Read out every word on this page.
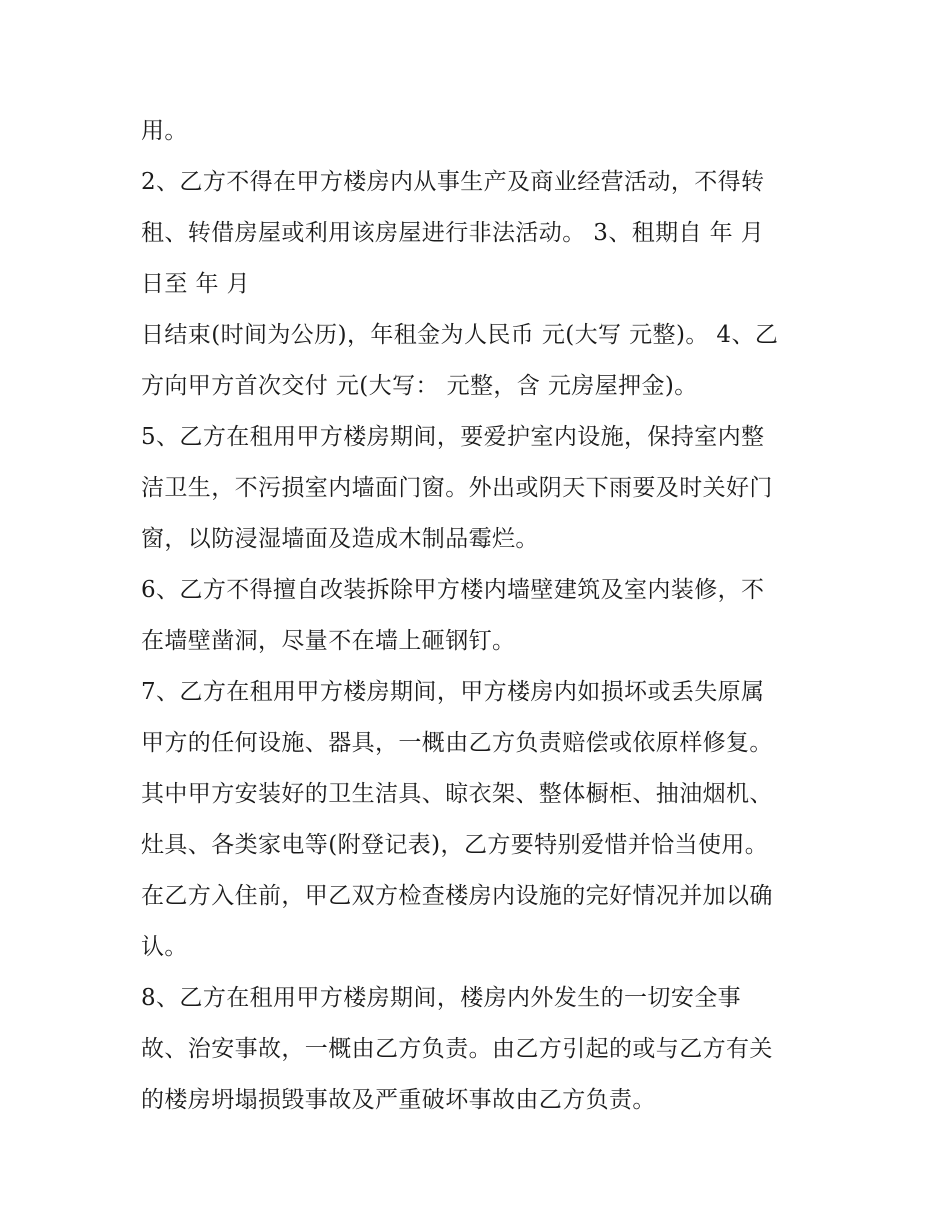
用。
2、乙方不得在甲方楼房内从事生产及商业经营活动，不得转
租、转借房屋或利用该房屋进行非法活动。 3、租期自 年 月
日至 年 月
日结束(时间为公历)，年租金为人民币 元(大写 元整)。 4、乙
方向甲方首次交付 元(大写： 元整，含 元房屋押金)。
5、乙方在租用甲方楼房期间，要爱护室内设施，保持室内整
洁卫生，不污损室内墙面门窗。外出或阴天下雨要及时关好门
窗，以防浸湿墙面及造成木制品霉烂。
6、乙方不得擅自改装拆除甲方楼内墙壁建筑及室内装修，不
在墙壁凿洞，尽量不在墙上砸钢钉。
7、乙方在租用甲方楼房期间，甲方楼房内如损坏或丢失原属
甲方的任何设施、器具，一概由乙方负责赔偿或依原样修复。
其中甲方安装好的卫生洁具、晾衣架、整体橱柜、抽油烟机、
灶具、各类家电等(附登记表)，乙方要特别爱惜并恰当使用。
在乙方入住前，甲乙双方检查楼房内设施的完好情况并加以确
认。
8、乙方在租用甲方楼房期间，楼房内外发生的一切安全事
故、治安事故，一概由乙方负责。由乙方引起的或与乙方有关
的楼房坍塌损毁事故及严重破坏事故由乙方负责。
